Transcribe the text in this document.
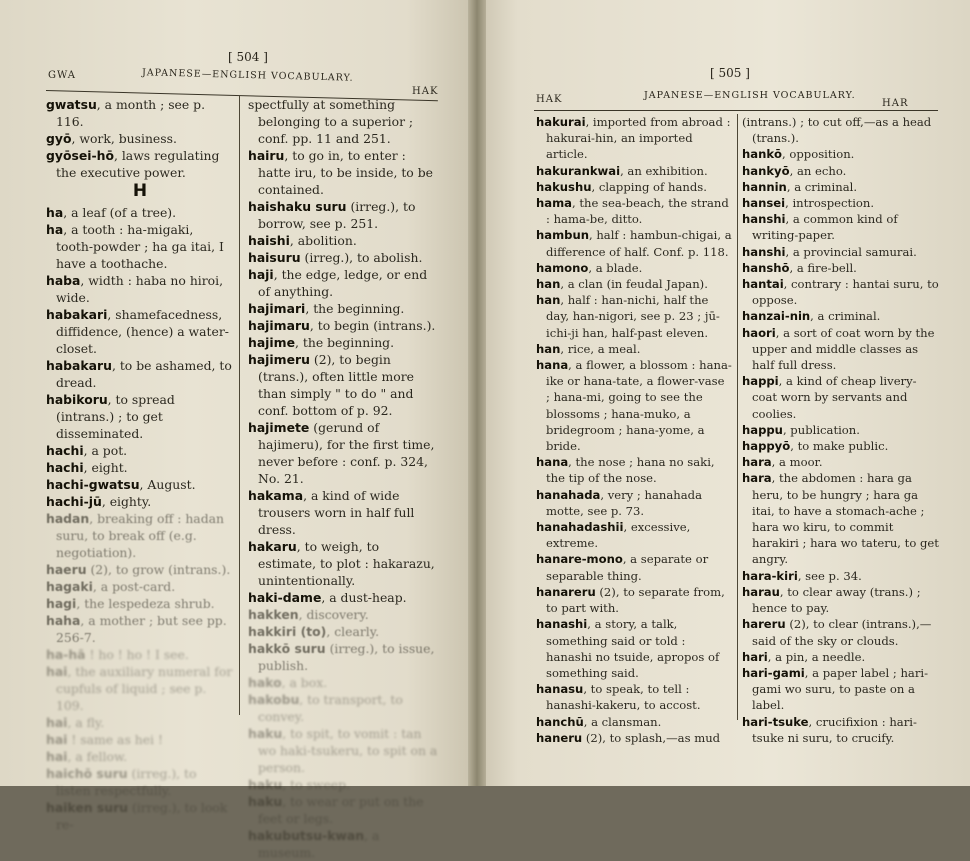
[ 504 ]
GWA	JAPANESE—ENGLISH VOCABULARY.
HAK

gwatsu, a month ; see p. 116.

gyō, work, business.

gyōsei-hō, laws regulating the executive power.

H

ha, a leaf (of a tree).

ha, a tooth : ha-migaki, tooth-powder ; ha ga itai, I have a toothache.

haba, width : haba no hiroi, wide.

habakari, shamefacedness, diffidence, (hence) a water-closet.

habakaru, to be ashamed, to dread.

habikoru, to spread (intrans.) ; to get disseminated.

hachi, a pot.

hachi, eight.

hachi-gwatsu, August.

hachi-jū, eighty.

hadan, breaking off : hadan suru, to break off (e.g. negotiation).

haeru (2), to grow (intrans.).

hagaki, a post-card.

hagi, the lespedeza shrub.

haha, a mother ; but see pp. 256-7.

ha-hā ! ho ! ho ! I see.

hai, the auxiliary numeral for cupfuls of liquid ; see p. 109.

hai, a fly.

hai ! same as hei !

hai, a fellow.

haichō suru (irreg.), to listen respectfully.

haiken suru (irreg.), to look re-

spectfully at something belonging to a superior ; conf. pp. 11 and 251.

hairu, to go in, to enter : hatte iru, to be inside, to be contained.

haishaku suru (irreg.), to borrow, see p. 251.

haishi, abolition.

haisuru (irreg.), to abolish.

haji, the edge, ledge, or end of anything.

hajimari, the beginning.

hajimaru, to begin (intrans.).

hajime, the beginning.

hajimeru (2), to begin (trans.), often little more than simply " to do " and conf. bottom of p. 92.

hajimete (gerund of hajimeru), for the first time, never before : conf. p. 324, No. 21.

hakama, a kind of wide trousers worn in half full dress.

hakaru, to weigh, to estimate, to plot : hakarazu, unintentionally.

haki-dame, a dust-heap.

hakken, discovery.

hakkiri (to), clearly.

hakkō suru (irreg.), to issue, publish.

hako, a box.

hakobu, to transport, to convey.

haku, to spit, to vomit : tan wo haki-tsukeru, to spit on a person.

haku, to sweep.

haku, to wear or put on the feet or legs.

hakubutsu-kwan, a museum.

[ 505 ]
HAK	JAPANESE—ENGLISH VOCABULARY.
HAR

hakurai, imported from abroad : hakurai-hin, an imported article.

hakurankwai, an exhibition.

hakushu, clapping of hands.

hama, the sea-beach, the strand : hama-be, ditto.

hambun, half : hambun-chigai, a difference of half. Conf. p. 118.

hamono, a blade.

han, a clan (in feudal Japan).

han, half : han-nichi, half the day, han-nigori, see p. 23 ; jū-ichi-ji han, half-past eleven.

han, rice, a meal.

hana, a flower, a blossom : hana-ike or hana-tate, a flower-vase ; hana-mi, going to see the blossoms ; hana-muko, a bridegroom ; hana-yome, a bride.

hana, the nose ; hana no saki, the tip of the nose.

hanahada, very ; hanahada motte, see p. 73.

hanahadashii, excessive, extreme.

hanare-mono, a separate or separable thing.

hanareru (2), to separate from, to part with.

hanashi, a story, a talk, something said or told : hanashi no tsuide, apropos of something said.

hanasu, to speak, to tell : hanashi-kakeru, to accost.

hanchū, a clansman.

haneru (2), to splash,—as mud

(intrans.) ; to cut off,—as a head (trans.).

hankō, opposition.

hankyō, an echo.

hannin, a criminal.

hansei, introspection.

hanshi, a common kind of writing-paper.

hanshi, a provincial samurai.

hanshō, a fire-bell.

hantai, contrary : hantai suru, to oppose.

hanzai-nin, a criminal.

haori, a sort of coat worn by the upper and middle classes as half full dress.

happi, a kind of cheap livery-coat worn by servants and coolies.

happu, publication.

happyō, to make public.

hara, a moor.

hara, the abdomen : hara ga heru, to be hungry ; hara ga itai, to have a stomach-ache ; hara wo kiru, to commit harakiri ; hara wo tateru, to get angry.

hara-kiri, see p. 34.

harau, to clear away (trans.) ; hence to pay.

hareru (2), to clear (intrans.),—said of the sky or clouds.

hari, a pin, a needle.

hari-gami, a paper label ; hari-gami wo suru, to paste on a label.

hari-tsuke, crucifixion : hari-tsuke ni suru, to crucify.
